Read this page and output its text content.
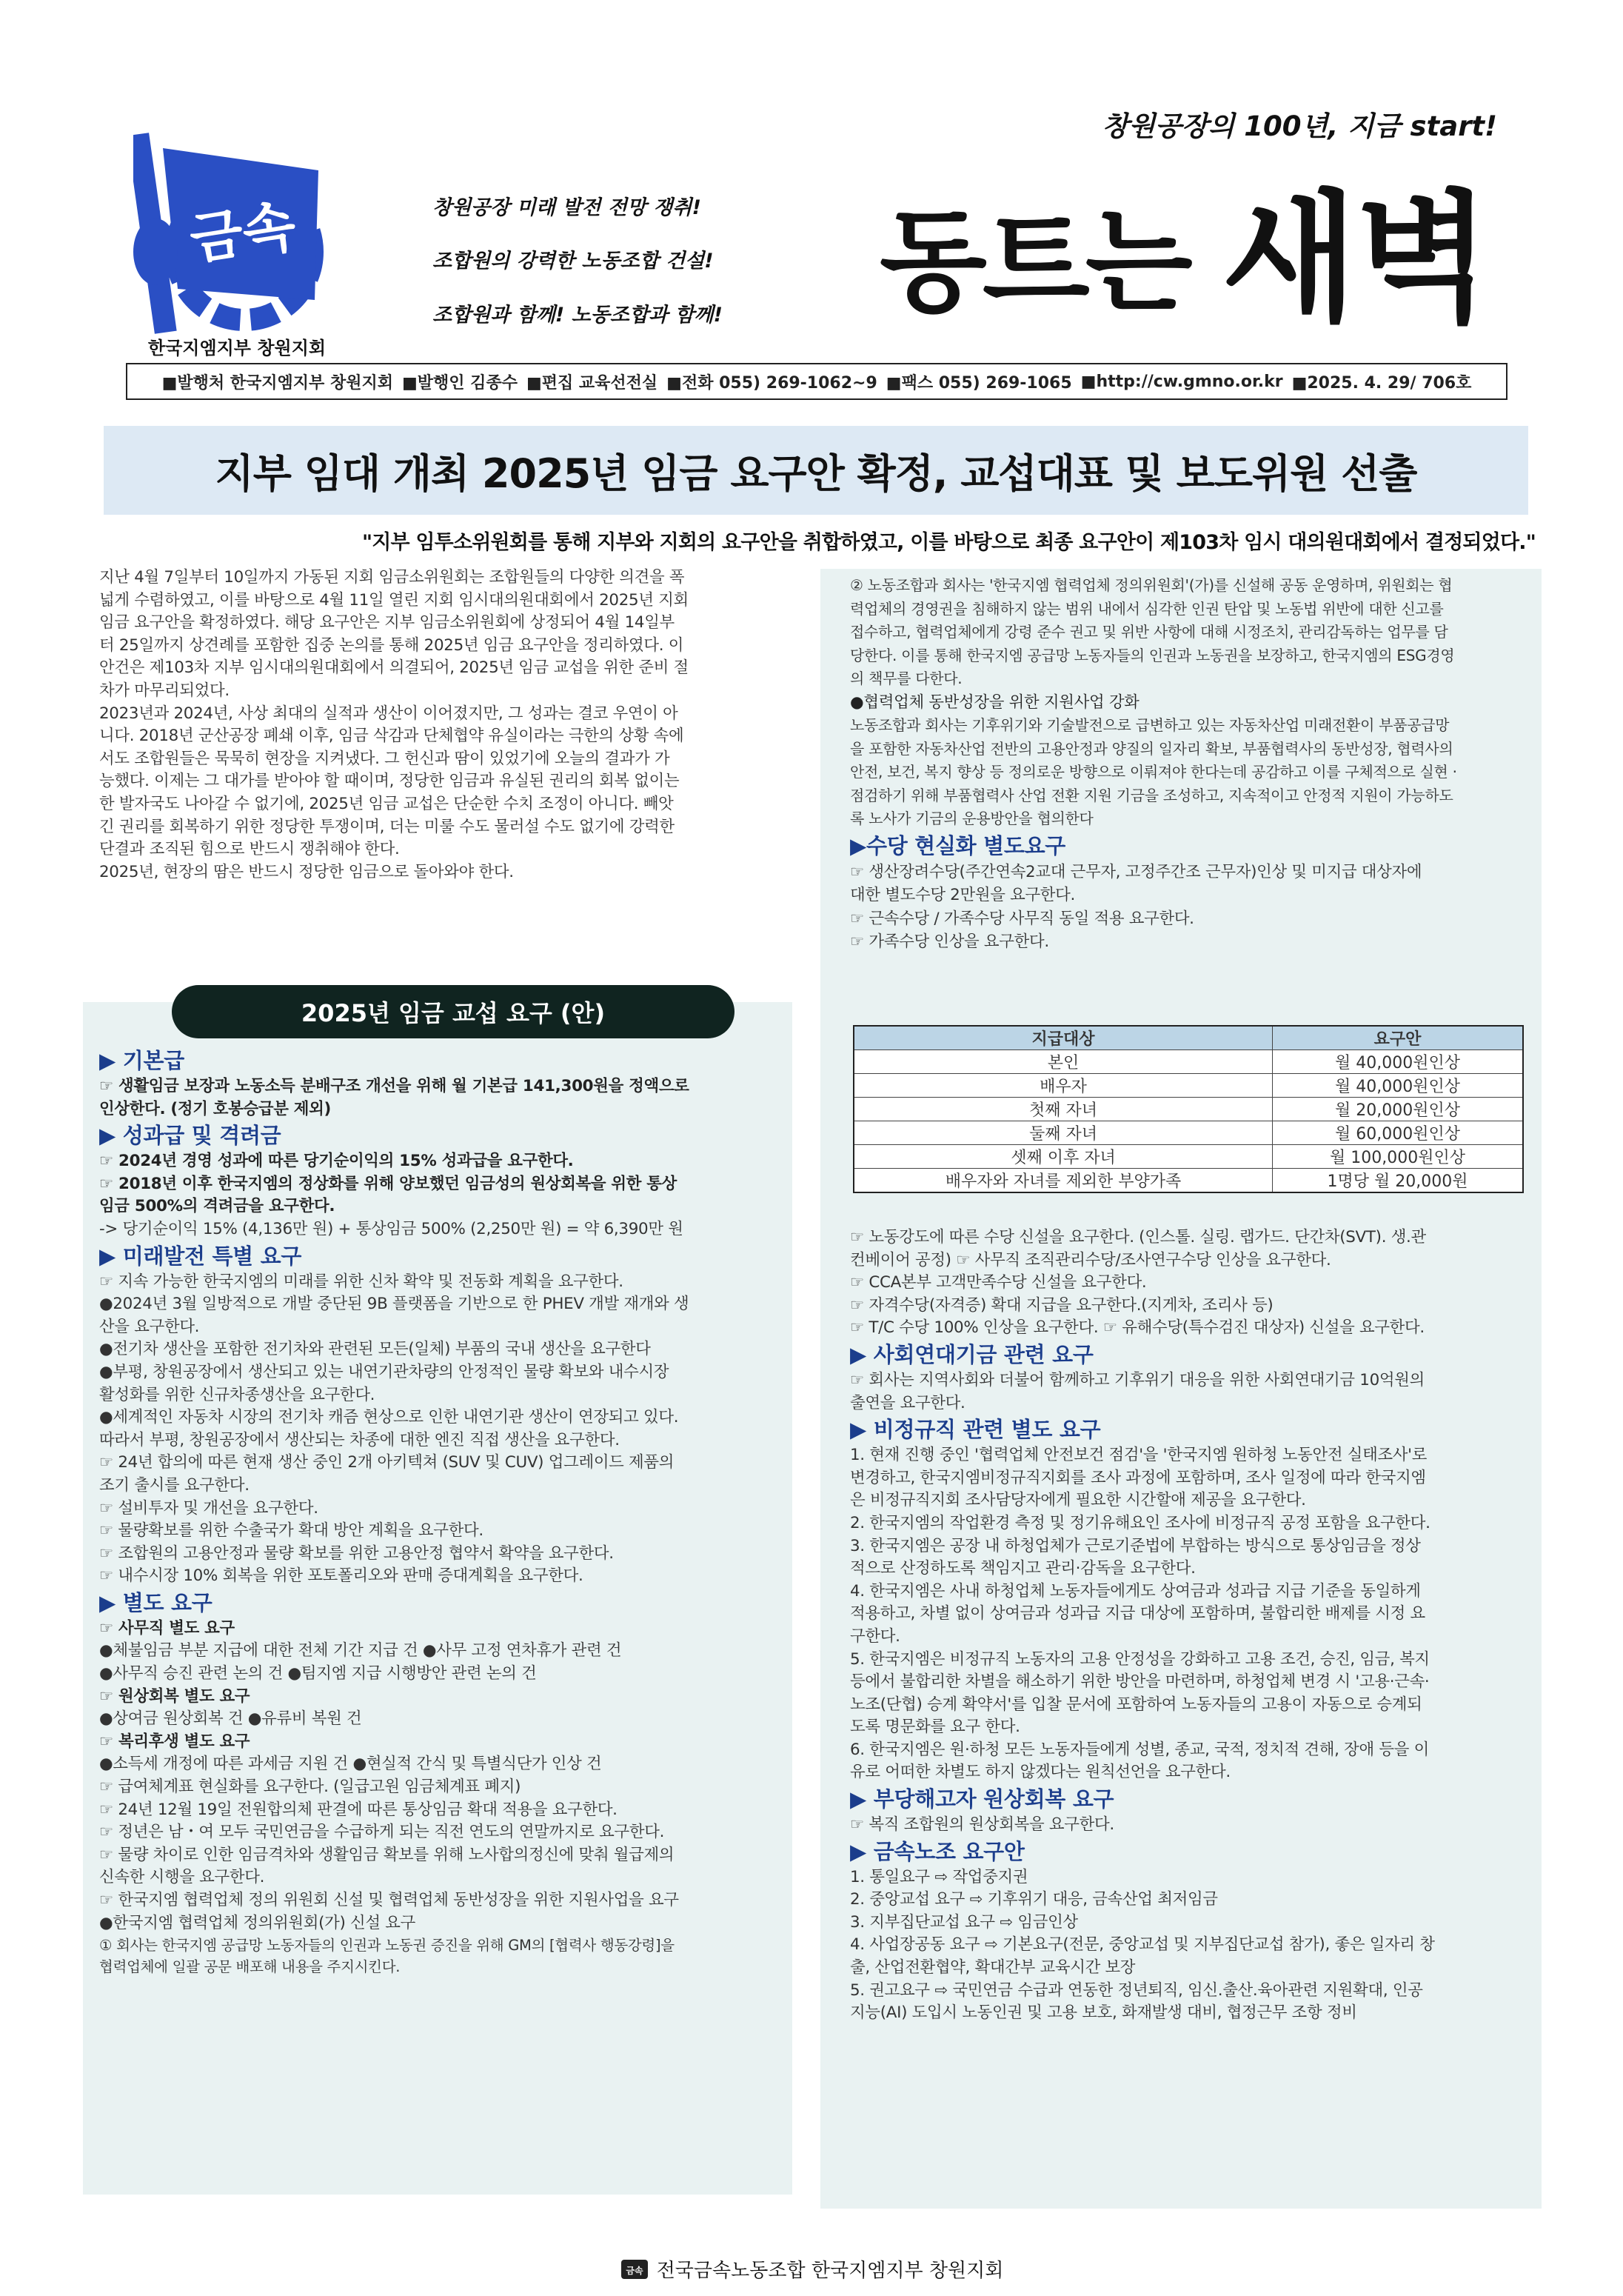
금속
한국지엠지부 창원지회
창원공장 미래 발전 전망 쟁취!
조합원의 강력한 노동조합 건설!
조합원과 함께! 노동조합과 함께!
창원공장의 100년, 지금 start!
동트는 새벽
■발행처 한국지엠지부 창원지회 ■발행인 김종수 ■편집 교육선전실 ■전화 055) 269-1062~9 ■팩스 055) 269-1065 ■http://cw.gmno.or.kr ■2025. 4. 29/ 706호
지부 임대 개최 2025년 임금 요구안 확정, 교섭대표 및 보도위원 선출
"지부 임투소위원회를 통해 지부와 지회의 요구안을 취합하였고, 이를 바탕으로 최종 요구안이 제103차 임시 대의원대회에서 결정되었다."

지난 4월 7일부터 10일까지 가동된 지회 임금소위원회는 조합원들의 다양한 의견을 폭

넓게 수렴하였고, 이를 바탕으로 4월 11일 열린 지회 임시대의원대회에서 2025년 지회

임금 요구안을 확정하였다. 해당 요구안은 지부 임금소위원회에 상정되어 4월 14일부

터 25일까지 상견례를 포함한 집중 논의를 통해 2025년 임금 요구안을 정리하였다. 이

안건은 제103차 지부 임시대의원대회에서 의결되어, 2025년 임금 교섭을 위한 준비 절

차가 마무리되었다.

2023년과 2024년, 사상 최대의 실적과 생산이 이어졌지만, 그 성과는 결코 우연이 아

니다. 2018년 군산공장 폐쇄 이후, 임금 삭감과 단체협약 유실이라는 극한의 상황 속에

서도 조합원들은 묵묵히 현장을 지켜냈다. 그 헌신과 땀이 있었기에 오늘의 결과가 가

능했다. 이제는 그 대가를 받아야 할 때이며, 정당한 임금과 유실된 권리의 회복 없이는

한 발자국도 나아갈 수 없기에, 2025년 임금 교섭은 단순한 수치 조정이 아니다. 빼앗

긴 권리를 회복하기 위한 정당한 투쟁이며, 더는 미룰 수도 물러설 수도 없기에 강력한

단결과 조직된 힘으로 반드시 쟁취해야 한다.

2025년, 현장의 땀은 반드시 정당한 임금으로 돌아와야 한다.

2025년 임금 교섭 요구 (안)

▶ 기본급

☞ 생활임금 보장과 노동소득 분배구조 개선을 위해 월 기본급 141,300원을 정액으로

인상한다. (정기 호봉승급분 제외)

▶ 성과급 및 격려금

☞ 2024년 경영 성과에 따른 당기순이익의 15% 성과급을 요구한다.

☞ 2018년 이후 한국지엠의 정상화를 위해 양보했던 임금성의 원상회복을 위한 통상

임금 500%의 격려금을 요구한다.

-> 당기순이익 15% (4,136만 원) + 통상임금 500% (2,250만 원) = 약 6,390만 원

▶ 미래발전 특별 요구

☞ 지속 가능한 한국지엠의 미래를 위한 신차 확약 및 전동화 계획을 요구한다.

●2024년 3월 일방적으로 개발 중단된 9B 플랫폼을 기반으로 한 PHEV 개발 재개와 생

산을 요구한다.

●전기차 생산을 포함한 전기차와 관련된 모든(일체) 부품의 국내 생산을 요구한다

●부평, 창원공장에서 생산되고 있는 내연기관차량의 안정적인 물량 확보와 내수시장

활성화를 위한 신규차종생산을 요구한다.

●세계적인 자동차 시장의 전기차 캐즘 현상으로 인한 내연기관 생산이 연장되고 있다.

따라서 부평, 창원공장에서 생산되는 차종에 대한 엔진 직접 생산을 요구한다.

☞ 24년 합의에 따른 현재 생산 중인 2개 아키텍쳐 (SUV 및 CUV) 업그레이드 제품의

조기 출시를 요구한다.

☞ 설비투자 및 개선을 요구한다.

☞ 물량확보를 위한 수출국가 확대 방안 계획을 요구한다.

☞ 조합원의 고용안정과 물량 확보를 위한 고용안정 협약서 확약을 요구한다.

☞ 내수시장 10% 회복을 위한 포토폴리오와 판매 증대계획을 요구한다.

▶ 별도 요구

☞ 사무직 별도 요구

●체불임금 부분 지급에 대한 전체 기간 지급 건 ●사무 고정 연차휴가 관련 건

●사무직 승진 관련 논의 건 ●팀지엠 지급 시행방안 관련 논의 건

☞ 원상회복 별도 요구

●상여금 원상회복 건 ●유류비 복원 건

☞ 복리후생 별도 요구

●소득세 개정에 따른 과세금 지원 건 ●현실적 간식 및 특별식단가 인상 건

☞ 급여체계표 현실화를 요구한다. (일급고원 임금체계표 폐지)

☞ 24년 12월 19일 전원합의체 판결에 따른 통상임금 확대 적용을 요구한다.

☞ 정년은 남・여 모두 국민연금을 수급하게 되는 직전 연도의 연말까지로 요구한다.

☞ 물량 차이로 인한 임금격차와 생활임금 확보를 위해 노사합의정신에 맞춰 월급제의

신속한 시행을 요구한다.

☞ 한국지엠 협력업체 정의 위원회 신설 및 협력업체 동반성장을 위한 지원사업을 요구

●한국지엠 협력업체 정의위원회(가) 신설 요구

① 회사는 한국지엠 공급망 노동자들의 인권과 노동권 증진을 위해 GM의 [협력사 행동강령]을

협력업체에 일괄 공문 배포해 내용을 주지시킨다.

② 노동조합과 회사는 '한국지엠 협력업체 정의위원회'(가)를 신설해 공동 운영하며, 위원회는 협

력업체의 경영권을 침해하지 않는 범위 내에서 심각한 인권 탄압 및 노동법 위반에 대한 신고를

접수하고, 협력업체에게 강령 준수 권고 및 위반 사항에 대해 시정조치, 관리감독하는 업무를 담

당한다. 이를 통해 한국지엠 공급망 노동자들의 인권과 노동권을 보장하고, 한국지엠의 ESG경영

의 책무를 다한다.

●협력업체 동반성장을 위한 지원사업 강화

노동조합과 회사는 기후위기와 기술발전으로 급변하고 있는 자동차산업 미래전환이 부품공급망

을 포함한 자동차산업 전반의 고용안정과 양질의 일자리 확보, 부품협력사의 동반성장, 협력사의

안전, 보건, 복지 향상 등 정의로운 방향으로 이뤄져야 한다는데 공감하고 이를 구체적으로 실현 ·

점검하기 위해 부품협력사 산업 전환 지원 기금을 조성하고, 지속적이고 안정적 지원이 가능하도

록 노사가 기금의 운용방안을 협의한다

▶수당 현실화 별도요구

☞ 생산장려수당(주간연속2교대 근무자, 고정주간조 근무자)인상 및 미지급 대상자에

대한 별도수당 2만원을 요구한다.

☞ 근속수당 / 가족수당 사무직 동일 적용 요구한다.

☞ 가족수당 인상을 요구한다.

지급대상	요구안
본인	월 40,000원인상
배우자	월 40,000원인상
첫째 자녀	월 20,000원인상
둘째 자녀	월 60,000원인상
셋째 이후 자녀	월 100,000원인상
배우자와 자녀를 제외한 부양가족	1명당 월 20,000원

☞ 노동강도에 따른 수당 신설을 요구한다. (인스톨. 실링. 랩가드. 단간차(SVT). 생.관

컨베이어 공정) ☞ 사무직 조직관리수당/조사연구수당 인상을 요구한다.

☞ CCA본부 고객만족수당 신설을 요구한다.

☞ 자격수당(자격증) 확대 지급을 요구한다.(지게차, 조리사 등)

☞ T/C 수당 100% 인상을 요구한다. ☞ 유해수당(특수검진 대상자) 신설을 요구한다.

▶ 사회연대기금 관련 요구

☞ 회사는 지역사회와 더불어 함께하고 기후위기 대응을 위한 사회연대기금 10억원의

출연을 요구한다.

▶ 비정규직 관련 별도 요구

1. 현재 진행 중인 '협력업체 안전보건 점검'을 '한국지엠 원하청 노동안전 실태조사'로

변경하고, 한국지엠비정규직지회를 조사 과정에 포함하며, 조사 일정에 따라 한국지엠

은 비정규직지회 조사담당자에게 필요한 시간할애 제공을 요구한다.

2. 한국지엠의 작업환경 측정 및 정기유해요인 조사에 비정규직 공정 포함을 요구한다.

3. 한국지엠은 공장 내 하청업체가 근로기준법에 부합하는 방식으로 통상임금을 정상

적으로 산정하도록 책임지고 관리·감독을 요구한다.

4. 한국지엠은 사내 하청업체 노동자들에게도 상여금과 성과급 지급 기준을 동일하게

적용하고, 차별 없이 상여금과 성과급 지급 대상에 포함하며, 불합리한 배제를 시정 요

구한다.

5. 한국지엠은 비정규직 노동자의 고용 안정성을 강화하고 고용 조건, 승진, 임금, 복지

등에서 불합리한 차별을 해소하기 위한 방안을 마련하며, 하청업체 변경 시 '고용·근속·

노조(단협) 승계 확약서'를 입찰 문서에 포함하여 노동자들의 고용이 자동으로 승계되

도록 명문화를 요구 한다.

6. 한국지엠은 원·하청 모든 노동자들에게 성별, 종교, 국적, 정치적 견해, 장애 등을 이

유로 어떠한 차별도 하지 않겠다는 원칙선언을 요구한다.

▶ 부당해고자 원상회복 요구

☞ 복직 조합원의 원상회복을 요구한다.

▶ 금속노조 요구안

1. 통일요구 ⇨ 작업중지권

2. 중앙교섭 요구 ⇨ 기후위기 대응, 금속산업 최저임금

3. 지부집단교섭 요구 ⇨ 임금인상

4. 사업장공동 요구 ⇨ 기본요구(전문, 중앙교섭 및 지부집단교섭 참가), 좋은 일자리 창

출, 산업전환협약, 확대간부 교육시간 보장

5. 권고요구 ⇨ 국민연금 수급과 연동한 정년퇴직, 임신.출산.육아관련 지원확대, 인공

지능(AI) 도입시 노동인권 및 고용 보호, 화재발생 대비, 협정근무 조항 정비

금속 전국금속노동조합 한국지엠지부 창원지회
